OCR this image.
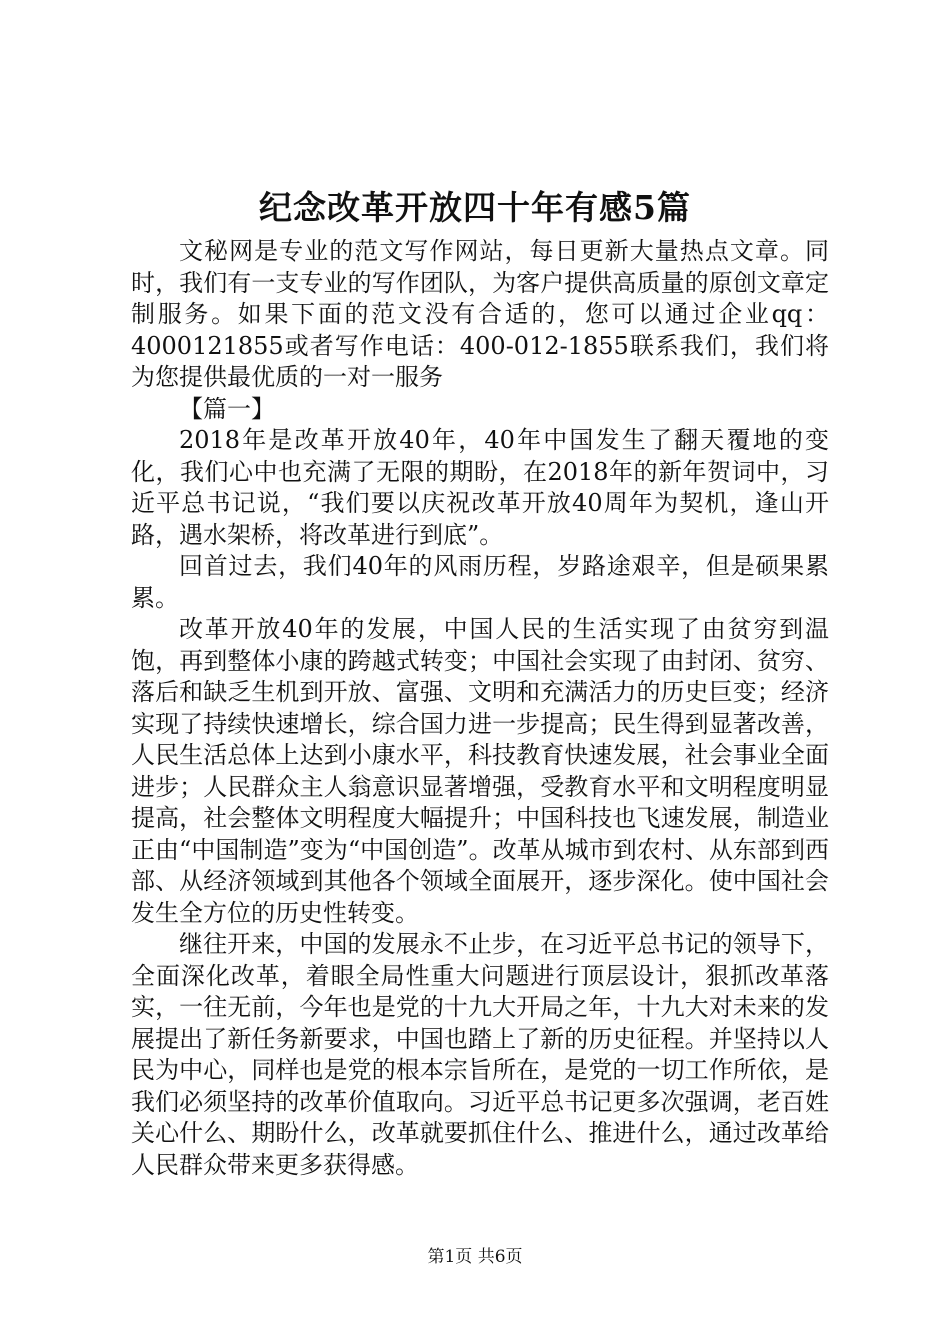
纪念改革开放四十年有感5篇

文秘网是专业的范文写作网站，每日更新大量热点文章。同时，我们有一支专业的写作团队，为客户提供高质量的原创文章定制服务。如果下面的范文没有合适的，您可以通过企业qq：4000121855或者写作电话：400-012-1855联系我们，我们将为您提供最优质的一对一服务

【篇一】

2018年是改革开放40年，40年中国发生了翻天覆地的变化，我们心中也充满了无限的期盼，在2018年的新年贺词中，习近平总书记说，“我们要以庆祝改革开放40周年为契机，逢山开路，遇水架桥，将改革进行到底”。

回首过去，我们40年的风雨历程，岁路途艰辛，但是硕果累累。

改革开放40年的发展，中国人民的生活实现了由贫穷到温饱，再到整体小康的跨越式转变；中国社会实现了由封闭、贫穷、落后和缺乏生机到开放、富强、文明和充满活力的历史巨变；经济实现了持续快速增长，综合国力进一步提高；民生得到显著改善，人民生活总体上达到小康水平，科技教育快速发展，社会事业全面进步；人民群众主人翁意识显著增强，受教育水平和文明程度明显提高，社会整体文明程度大幅提升；中国科技也飞速发展，制造业正由“中国制造”变为“中国创造”。改革从城市到农村、从东部到西部、从经济领域到其他各个领域全面展开，逐步深化。使中国社会发生全方位的历史性转变。

继往开来，中国的发展永不止步，在习近平总书记的领导下，全面深化改革，着眼全局性重大问题进行顶层设计，狠抓改革落实，一往无前，今年也是党的十九大开局之年，十九大对未来的发展提出了新任务新要求，中国也踏上了新的历史征程。并坚持以人民为中心，同样也是党的根本宗旨所在，是党的一切工作所依，是我们必须坚持的改革价值取向。习近平总书记更多次强调，老百姓关心什么、期盼什么，改革就要抓住什么、推进什么，通过改革给人民群众带来更多获得感。

第1页 共6页
